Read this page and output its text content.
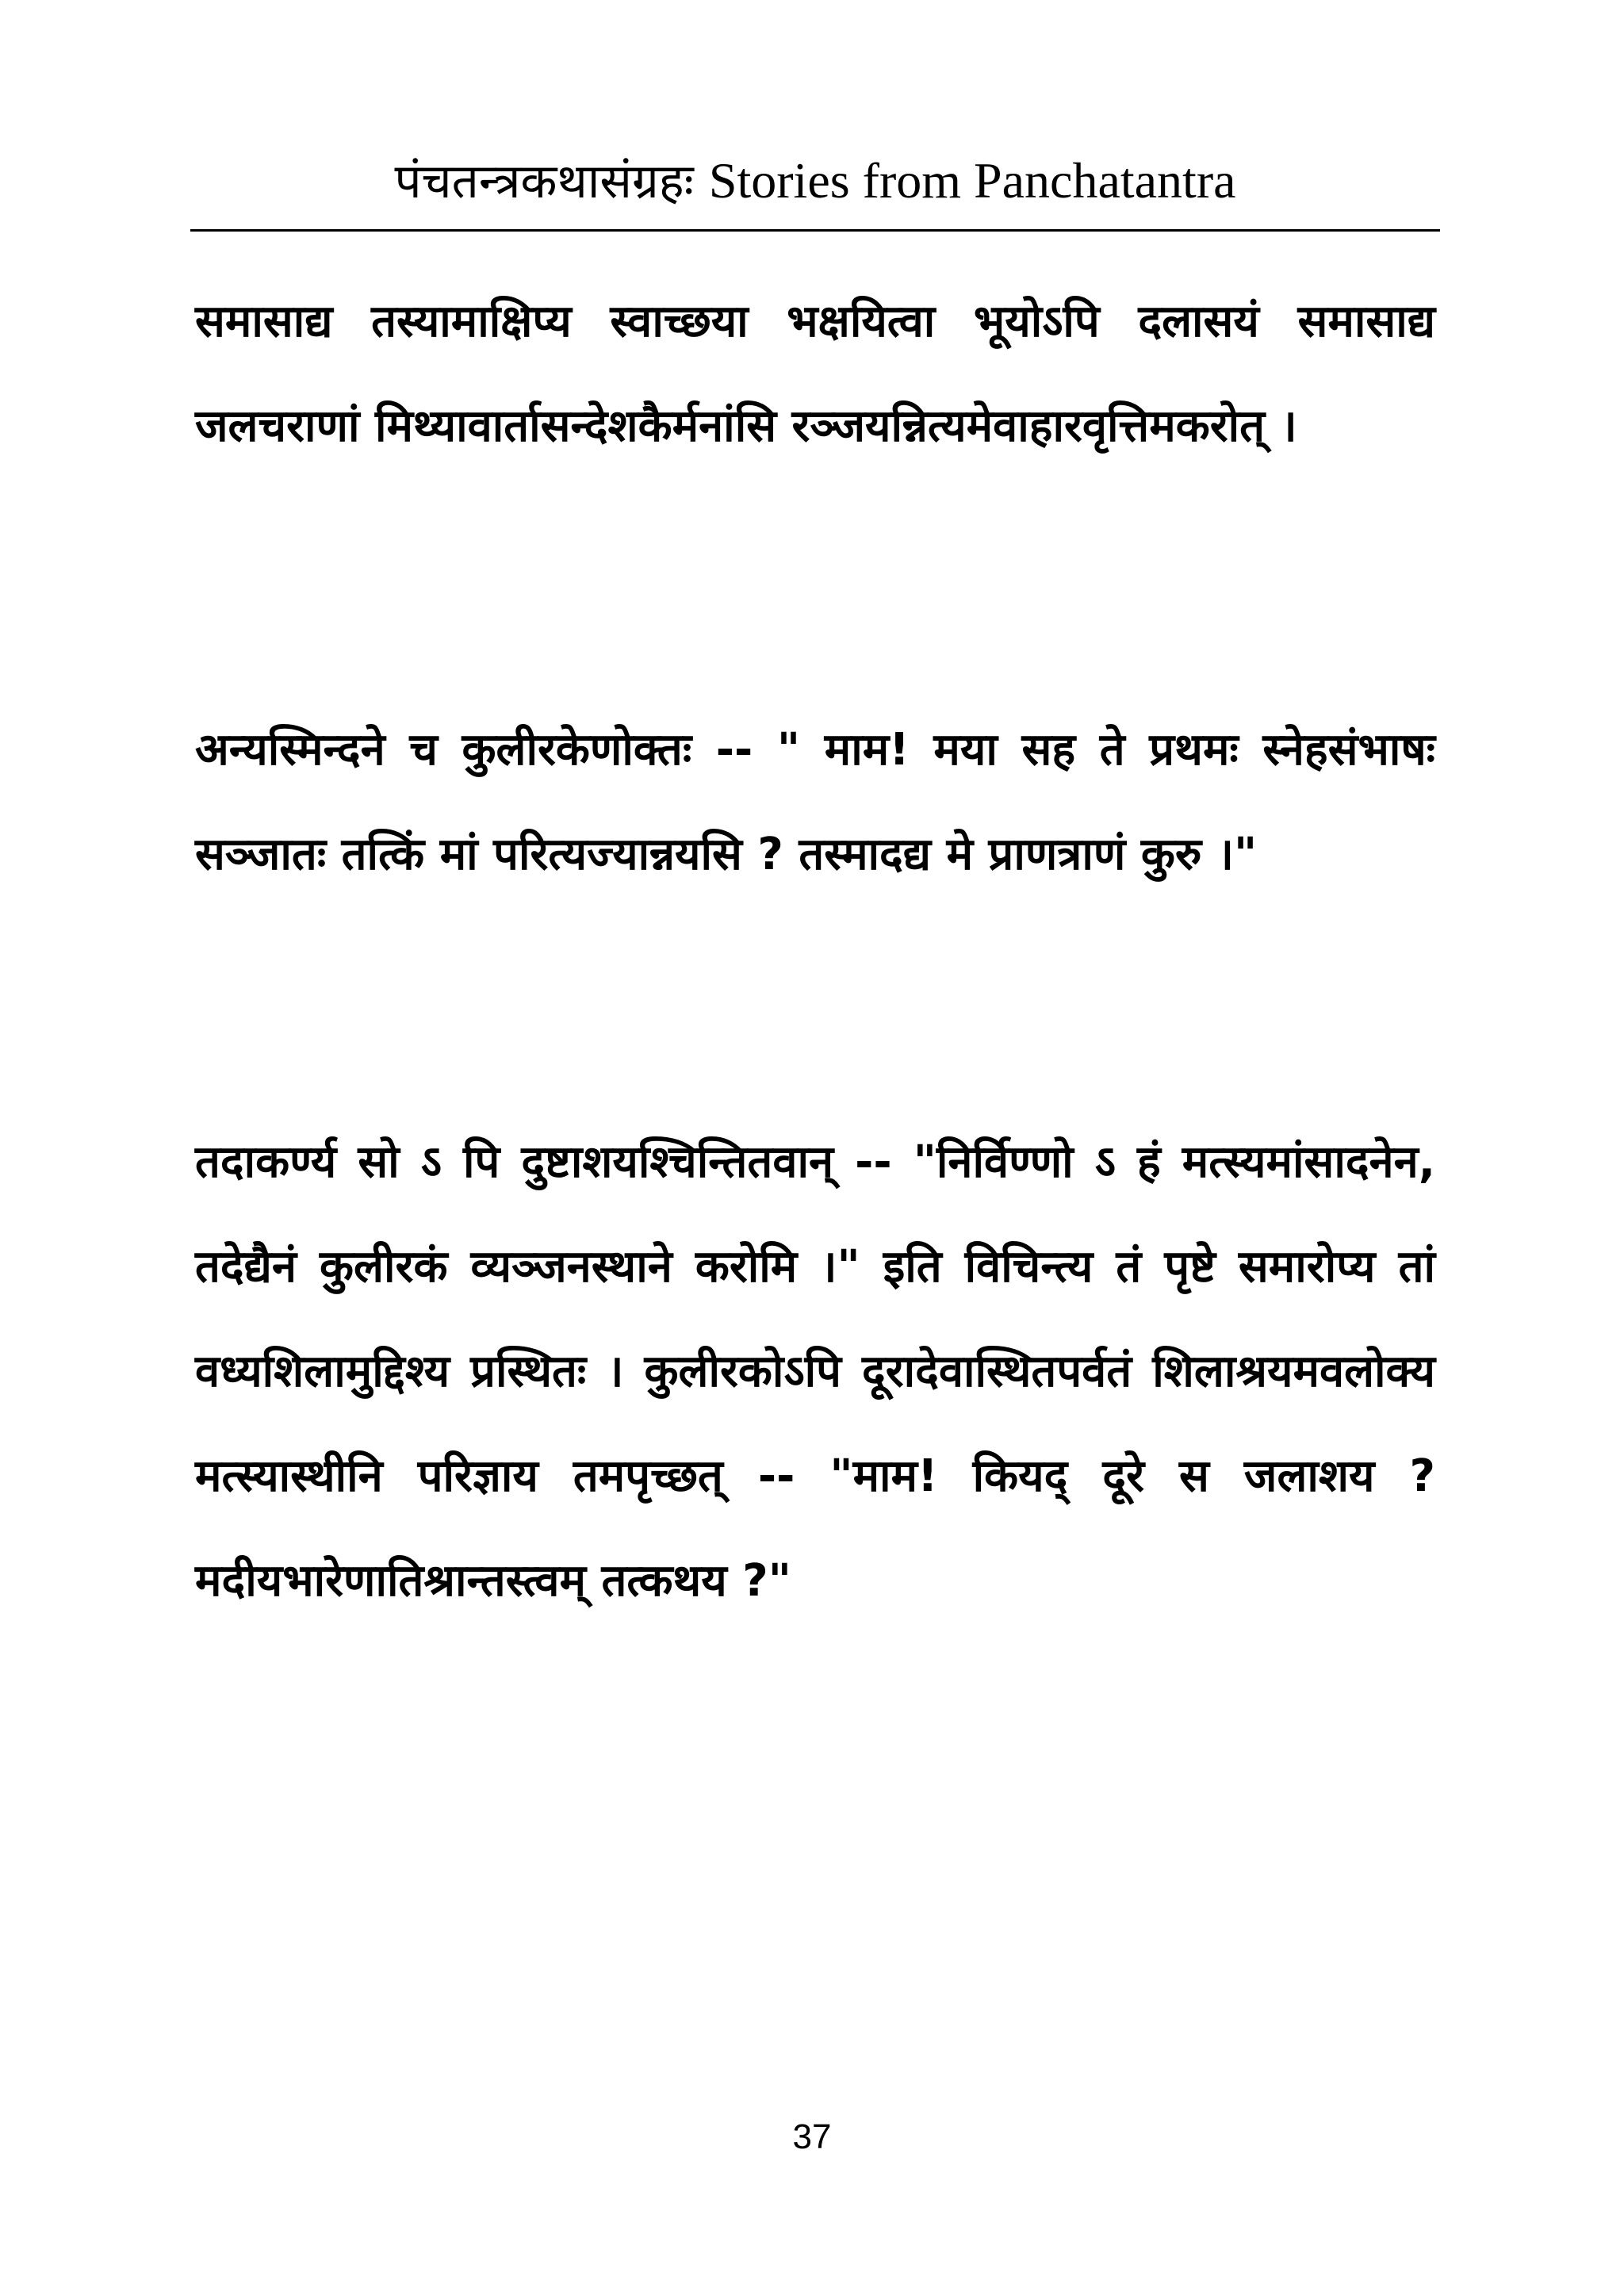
पंचतन्त्रकथासंग्रहः Stories from Panchatantra

समासाद्य तस्यामाक्षिप्य स्वाच्छया भक्षयित्वा भूयोऽपि दलासयं समासाद्य जलचराणां मिथ्यावार्तासन्देशकैर्मनांसि रञ्जयन्नित्यमेवाहारवृत्तिमकरोत् ।

अन्यस्मिन्दने च कुलीरकेणोक्तः -- " माम! मया सह ते प्रथमः स्नेहसंभाषः सञ्जातः तत्किं मां परित्यज्यान्नयसि ? तस्मादद्य मे प्राणत्राणं कुरु ।"

तदाकर्ण्य सो ऽ पि दुष्टाशयश्चिन्तितवान् -- "निर्विण्णो ऽ हं मत्स्यमांसादनेन, तदेद्यैनं कुलीरकं व्यञ्जनस्थाने करोमि ।" इति विचिन्त्य तं पृष्टे समारोप्य तां वध्यशिलामुद्दिश्य प्रस्थितः । कुलीरकोऽपि दूरादेवास्थितपर्वतं शिलाश्रयमवलोक्य मत्स्यास्थीनि परिज्ञाय तमपृच्छत् -- "माम! कियद् दूरे स जलाशय ? मदीयभारेणातिश्रान्तस्त्वम् तत्कथय ?"

37
